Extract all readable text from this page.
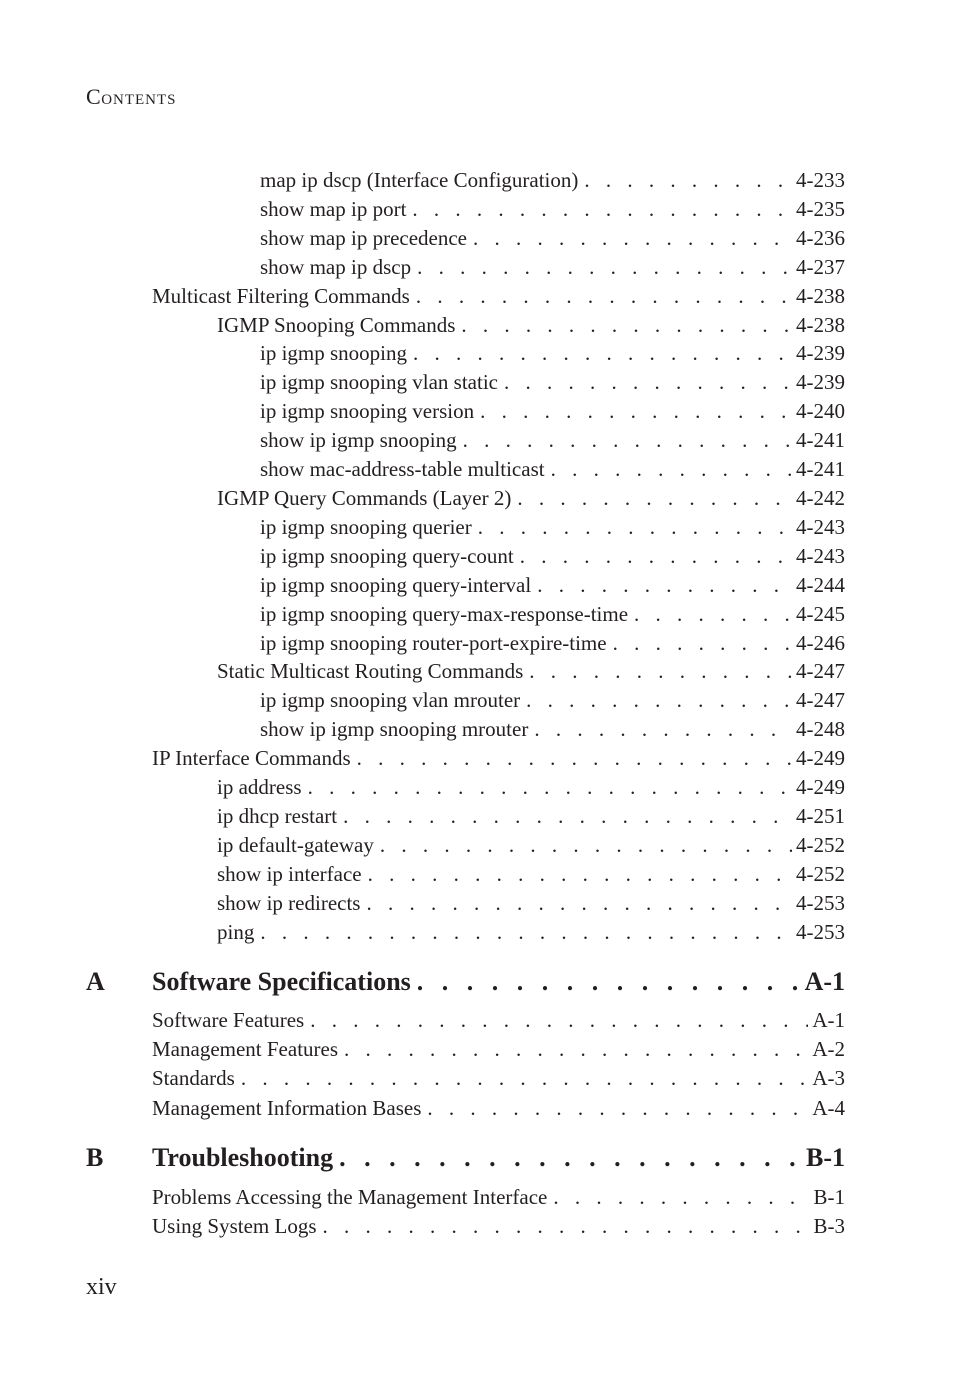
CONTENTS
map ip dscp (Interface Configuration) . . .	4-233
show map ip port . . .	4-235
show map ip precedence . . .	4-236
show map ip dscp . . .	4-237
Multicast Filtering Commands . . .	4-238
IGMP Snooping Commands . . .	4-238
ip igmp snooping . . .	4-239
ip igmp snooping vlan static . . .	4-239
ip igmp snooping version . . .	4-240
show ip igmp snooping . . .	4-241
show mac-address-table multicast . . .	4-241
IGMP Query Commands (Layer 2) . . .	4-242
ip igmp snooping querier . . .	4-243
ip igmp snooping query-count . . .	4-243
ip igmp snooping query-interval . . .	4-244
ip igmp snooping query-max-response-time . . .	4-245
ip igmp snooping router-port-expire-time . . .	4-246
Static Multicast Routing Commands . . .	4-247
ip igmp snooping vlan mrouter . . .	4-247
show ip igmp snooping mrouter . . .	4-248
IP Interface Commands . . .	4-249
ip address . . .	4-249
ip dhcp restart . . .	4-251
ip default-gateway . . .	4-252
show ip interface . . .	4-252
show ip redirects . . .	4-253
ping . . .	4-253
A	Software Specifications . . .	A-1
Software Features . . .	A-1
Management Features . . .	A-2
Standards . . .	A-3
Management Information Bases . . .	A-4
B	Troubleshooting . . .	B-1
Problems Accessing the Management Interface . . .	B-1
Using System Logs . . .	B-3
xiv
